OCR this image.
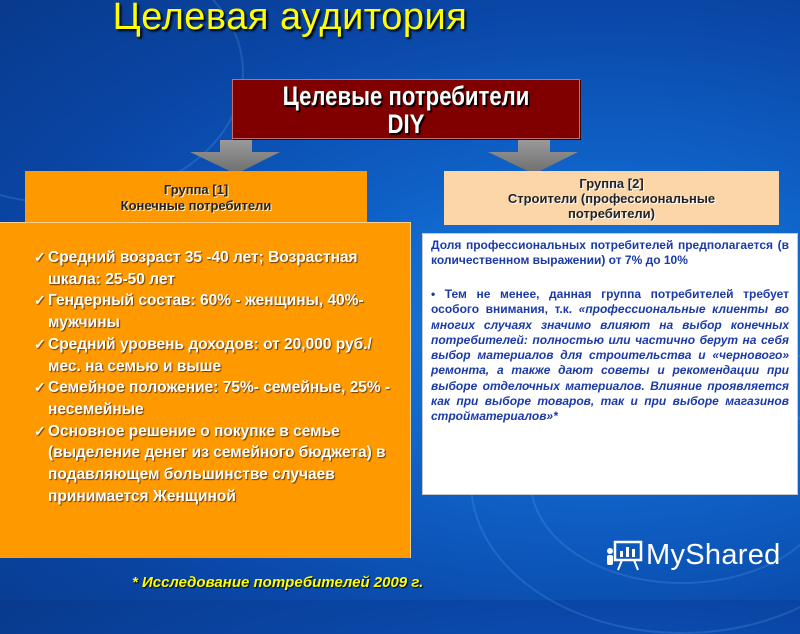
Целевая аудитория
Целевые потребители
DIY
Группа [1]
Конечные потребители
Группа [2]
Строители (профессиональные
потребители)
✓ Средний возраст 35 -40 лет; Возрастная шкала: 25-50 лет
✓ Гендерный состав: 60% - женщины, 40%-мужчины
✓ Средний уровень доходов: от 20,000 руб./мес. на семью и выше
✓ Семейное положение: 75%- семейные, 25% - несемейные
✓ Основное решение о покупке в семье (выделение денег из семейного бюджета) в подавляющем большинстве случаев принимается Женщиной
Доля профессиональных потребителей предполагается (в количественном выражении) от 7% до 10%
• Тем не менее, данная группа потребителей требует особого внимания, т.к. «профессиональные клиенты во многих случаях значимо влияют на выбор конечных потребителей: полностью или частично берут на себя выбор материалов для строительства и «чернового» ремонта, а также дают советы и рекомендации при выборе отделочных материалов. Влияние проявляется как при выборе товаров, так и при выборе магазинов стройматериалов»*
* Исследование потребителей 2009 г.
MyShared
